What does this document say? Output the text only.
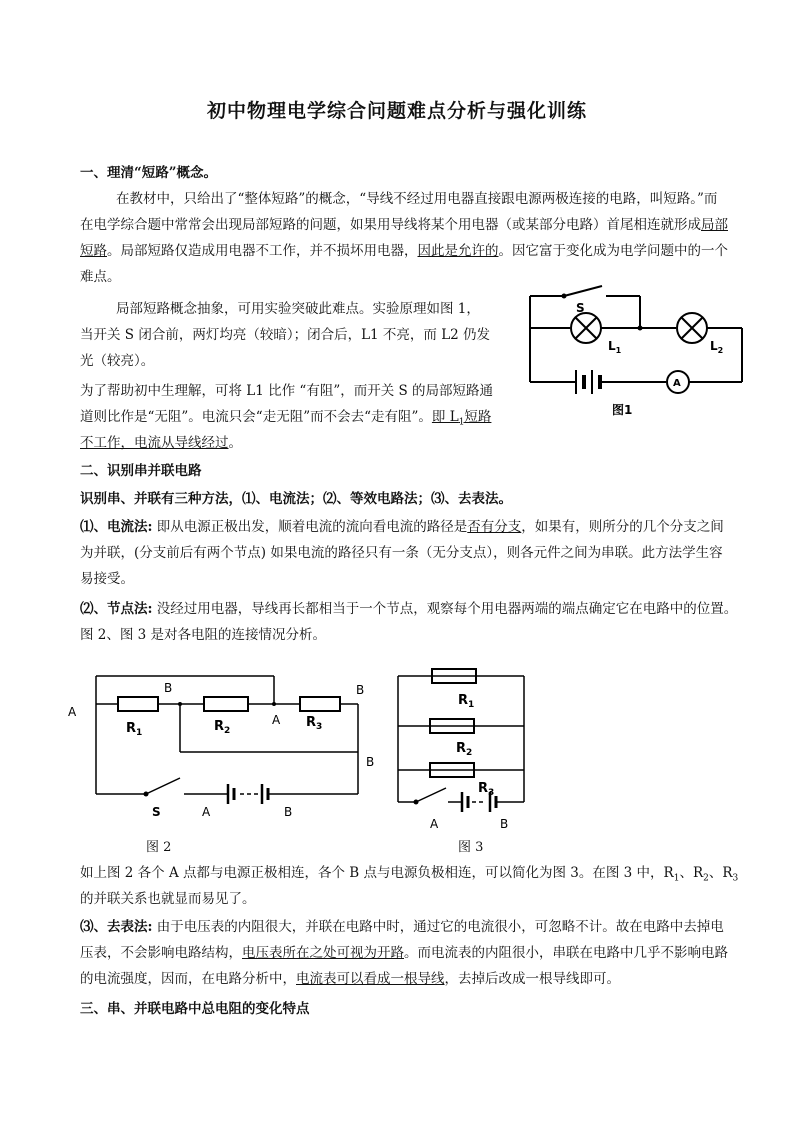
初中物理电学综合问题难点分析与强化训练
一、理清“短路”概念。
在教材中，只给出了“整体短路”的概念，“导线不经过用电器直接跟电源两极连接的电路，叫短路。”而
在电学综合题中常常会出现局部短路的问题，如果用导线将某个用电器（或某部分电路）首尾相连就形成局部
短路。局部短路仅造成用电器不工作，并不损坏用电器，因此是允许的。因它富于变化成为电学问题中的一个
难点。
局部短路概念抽象，可用实验突破此难点。实验原理如图 1，
当开关 S 闭合前，两灯均亮（较暗）；闭合后，L1 不亮，而 L2 仍发
光（较亮）。
为了帮助初中生理解，可将 L1 比作 “有阻”，而开关 S 的局部短路通
道则比作是“无阻”。电流只会“走无阻”而不会去“走有阻”。即 $L_1$短路
不工作，电流从导线经过。
S
$L_1$	$L_2$
A
图1
二、识别串并联电路
识别串、并联有三种方法，⑴、电流法；⑵、等效电路法；⑶、去表法。
⑴、电流法: 即从电源正极出发，顺着电流的流向看电流的路径是否有分支，如果有，则所分的几个分支之间
为并联，(分支前后有两个节点) 如果电流的路径只有一条（无分支点），则各元件之间为串联。此方法学生容
易接受。
⑵、节点法: 没经过用电器，导线再长都相当于一个节点，观察每个用电器两端的端点确定它在电路中的位置。
图 2、图 3 是对各电阻的连接情况分析。
A
B	B
B
A
$R_1$	$R_2$
$R_3$
S	A	B
图 2
$R_1$
$R_2$
$R_3$
A	B
图 3
如上图 2 各个 A 点都与电源正极相连，各个 B 点与电源负极相连，可以简化为图 3。在图 3 中，$R_1$、$R_2$、$R_3$
的并联关系也就显而易见了。
⑶、去表法: 由于电压表的内阻很大，并联在电路中时，通过它的电流很小，可忽略不计。故在电路中去掉电
压表，不会影响电路结构，电压表所在之处可视为开路。而电流表的内阻很小，串联在电路中几乎不影响电路
的电流强度，因而，在电路分析中，电流表可以看成一根导线，去掉后改成一根导线即可。
三、串、并联电路中总电阻的变化特点
